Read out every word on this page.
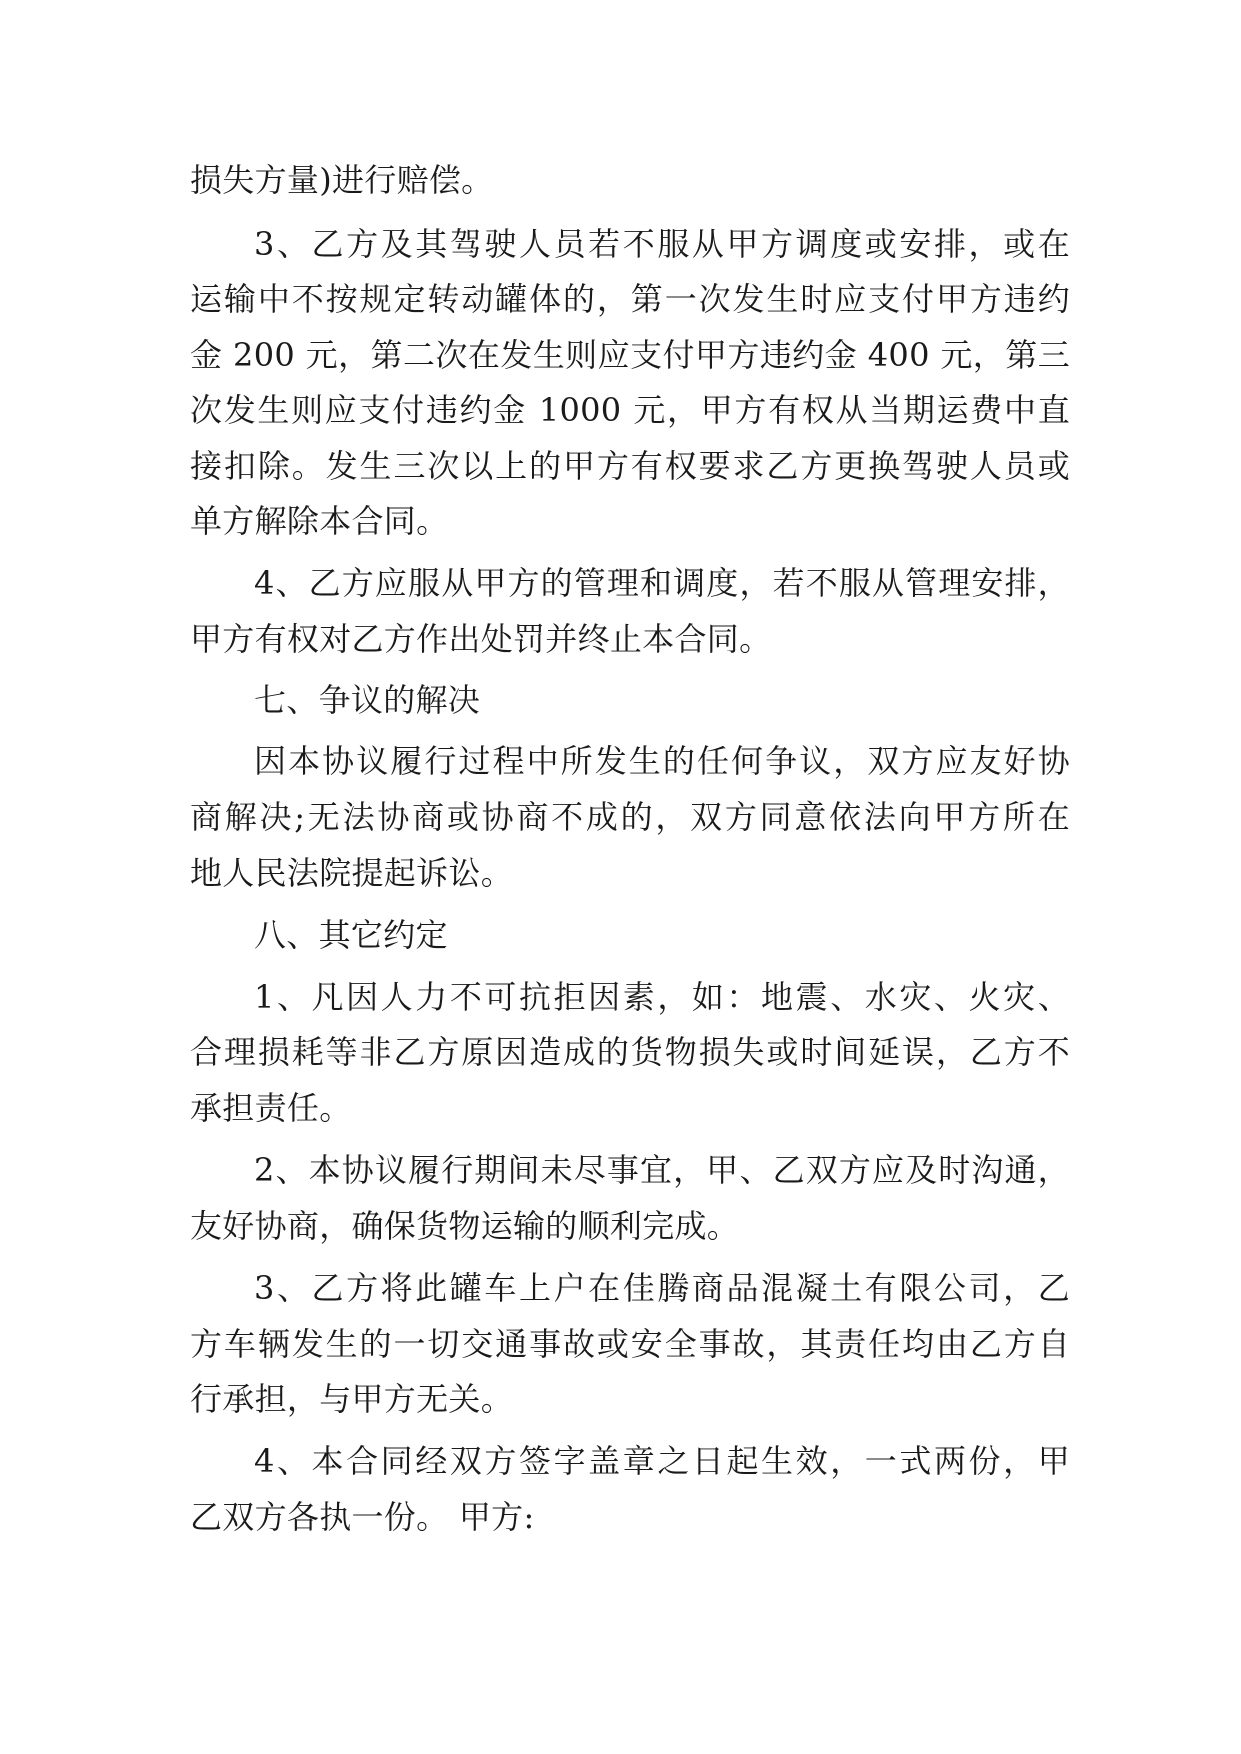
损失方量)进行赔偿。
3、乙方及其驾驶人员若不服从甲方调度或安排，或在
运输中不按规定转动罐体的，第一次发生时应支付甲方违约
金 200 元，第二次在发生则应支付甲方违约金 400 元，第三
次发生则应支付违约金 1000 元，甲方有权从当期运费中直
接扣除。发生三次以上的甲方有权要求乙方更换驾驶人员或
单方解除本合同。
4、乙方应服从甲方的管理和调度，若不服从管理安排，
甲方有权对乙方作出处罚并终止本合同。
七、争议的解决
因本协议履行过程中所发生的任何争议，双方应友好协
商解决;无法协商或协商不成的，双方同意依法向甲方所在
地人民法院提起诉讼。
八、其它约定
1、凡因人力不可抗拒因素，如：地震、水灾、火灾、
合理损耗等非乙方原因造成的货物损失或时间延误，乙方不
承担责任。
2、本协议履行期间未尽事宜，甲、乙双方应及时沟通，
友好协商，确保货物运输的顺利完成。
3、乙方将此罐车上户在佳腾商品混凝土有限公司，乙
方车辆发生的一切交通事故或安全事故，其责任均由乙方自
行承担，与甲方无关。
4、本合同经双方签字盖章之日起生效，一式两份，甲
乙双方各执一份。 甲方:
